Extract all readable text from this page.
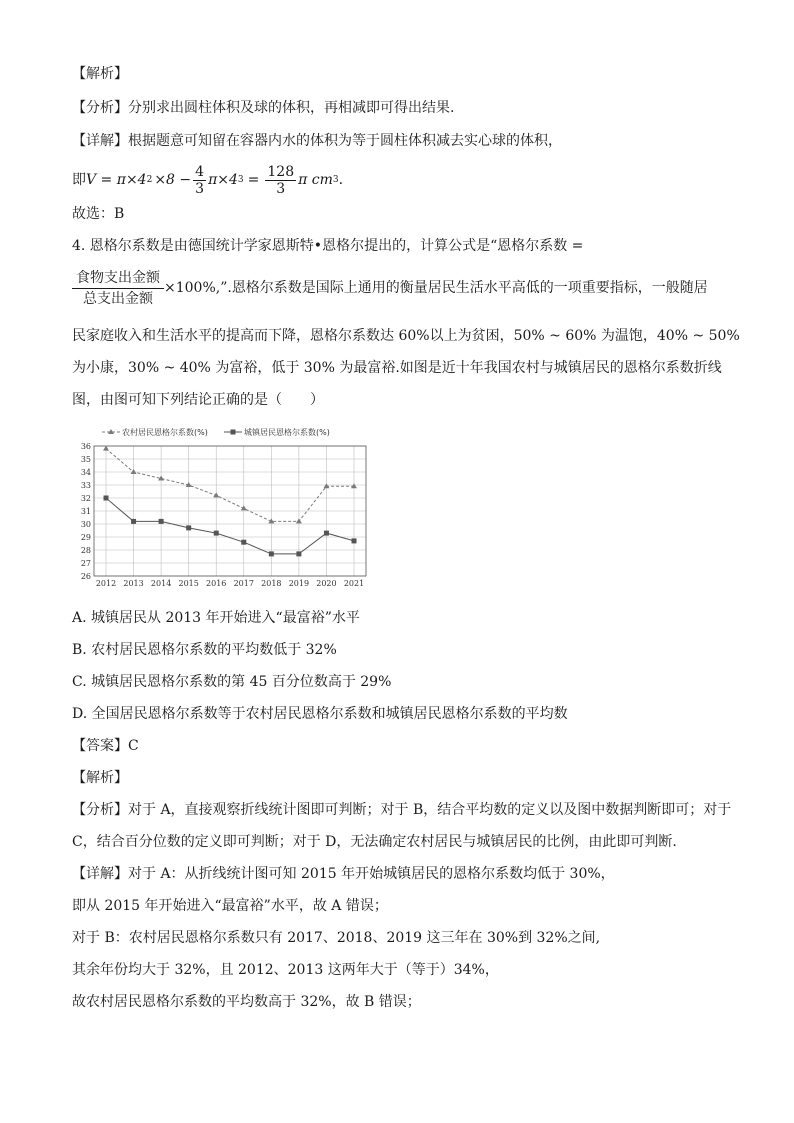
【解析】
【分析】分别求出圆柱体积及球的体积，再相减即可得出结果.
【详解】根据题意可知留在容器内水的体积为等于圆柱体积减去实心球的体积，
即 V = π×4 $2 \times 8 - \frac{4}{3} \pi\times 4$ $3 = \frac{128}{3}$ π cm 3 .
故选：B
4. 恩格尔系数是由德国统计学家恩斯特•恩格尔提出的，计算公式是“恩格尔系数 =
食物支出金额
总支出金额
×100%,”.恩格尔系数是国际上通用的衡量居民生活水平高低的一项重要指标，一般随居
民家庭收入和生活水平的提高而下降，恩格尔系数达 60%以上为贫困，50% ~ 60% 为温饱，40% ~ 50%
为小康，30% ~ 40% 为富裕，低于 30% 为最富裕.如图是近十年我国农村与城镇居民的恩格尔系数折线
图，由图可知下列结论正确的是（　　）
26
27
28
29
30
31
32
33
34
35
36
2012 2013 2014 2015 2016 2017 2018 2019 2020 2021
农村居民恩格尔系数(%)	城镇居民恩格尔系数(%)
A. 城镇居民从 2013 年开始进入“最富裕”水平
B. 农村居民恩格尔系数的平均数低于 32%
C. 城镇居民恩格尔系数的第 45 百分位数高于 29%
D. 全国居民恩格尔系数等于农村居民恩格尔系数和城镇居民恩格尔系数的平均数
【答案】C
【解析】
【分析】对于 A，直接观察折线统计图即可判断；对于 B，结合平均数的定义以及图中数据判断即可；对于
C，结合百分位数的定义即可判断；对于 D，无法确定农村居民与城镇居民的比例，由此即可判断.
【详解】对于 A：从折线统计图可知 2015 年开始城镇居民的恩格尔系数均低于 30%，
即从 2015 年开始进入“最富裕”水平，故 A 错误；
对于 B：农村居民恩格尔系数只有 2017、2018、2019 这三年在 30%到 32%之间,
其余年份均大于 32%，且 2012、2013 这两年大于（等于）34%，
故农村居民恩格尔系数的平均数高于 32%，故 B 错误；
